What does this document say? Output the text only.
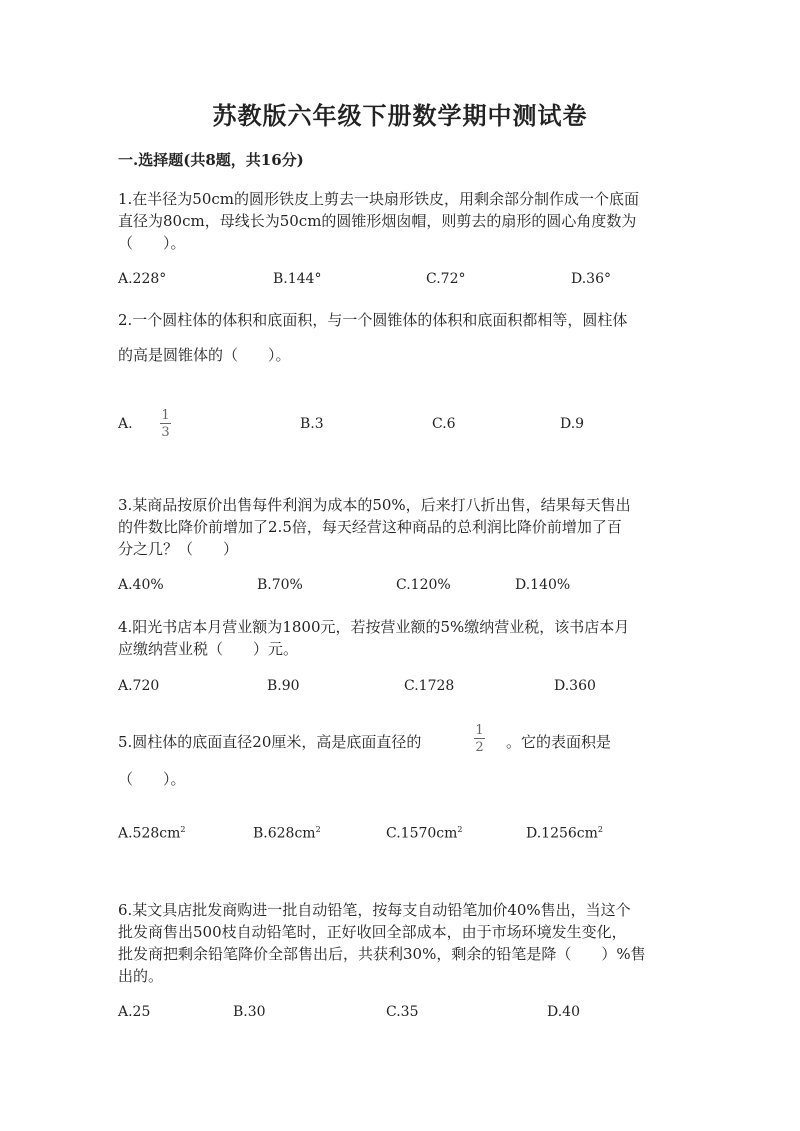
苏教版六年级下册数学期中测试卷
一.选择题(共8题，共16分)
1.在半径为50cm的圆形铁皮上剪去一块扇形铁皮，用剩余部分制作成一个底面
直径为80cm，母线长为50cm的圆锥形烟囱帽，则剪去的扇形的圆心角度数为
（　　）。
A.228°	B.144°	C.72°	D.36°
2.一个圆柱体的体积和底面积，与一个圆锥体的体积和底面积都相等，圆柱体
的高是圆锥体的（　　）。
A.
1
3
B.3	C.6	D.9
3.某商品按原价出售每件利润为成本的50%，后来打八折出售，结果每天售出
的件数比降价前增加了2.5倍，每天经营这种商品的总利润比降价前增加了百
分之几？（　　）
A.40%	B.70%	C.120%	D.140%
4.阳光书店本月营业额为1800元，若按营业额的5%缴纳营业税，该书店本月
应缴纳营业税（　　）元。
A.720	B.90	C.1728	D.360
5.圆柱体的底面直径20厘米，高是底面直径的
1
2 。它的表面积是
（　　）。
$A.528cm^2$	$B.628cm^2$	$C.1570cm^2$	$D.1256cm^2$
6.某文具店批发商购进一批自动铅笔，按每支自动铅笔加价40%售出，当这个
批发商售出500枝自动铅笔时，正好收回全部成本，由于市场环境发生变化，
批发商把剩余铅笔降价全部售出后，共获利30%，剩余的铅笔是降（　　）%售
出的。
A.25	B.30	C.35	D.40
